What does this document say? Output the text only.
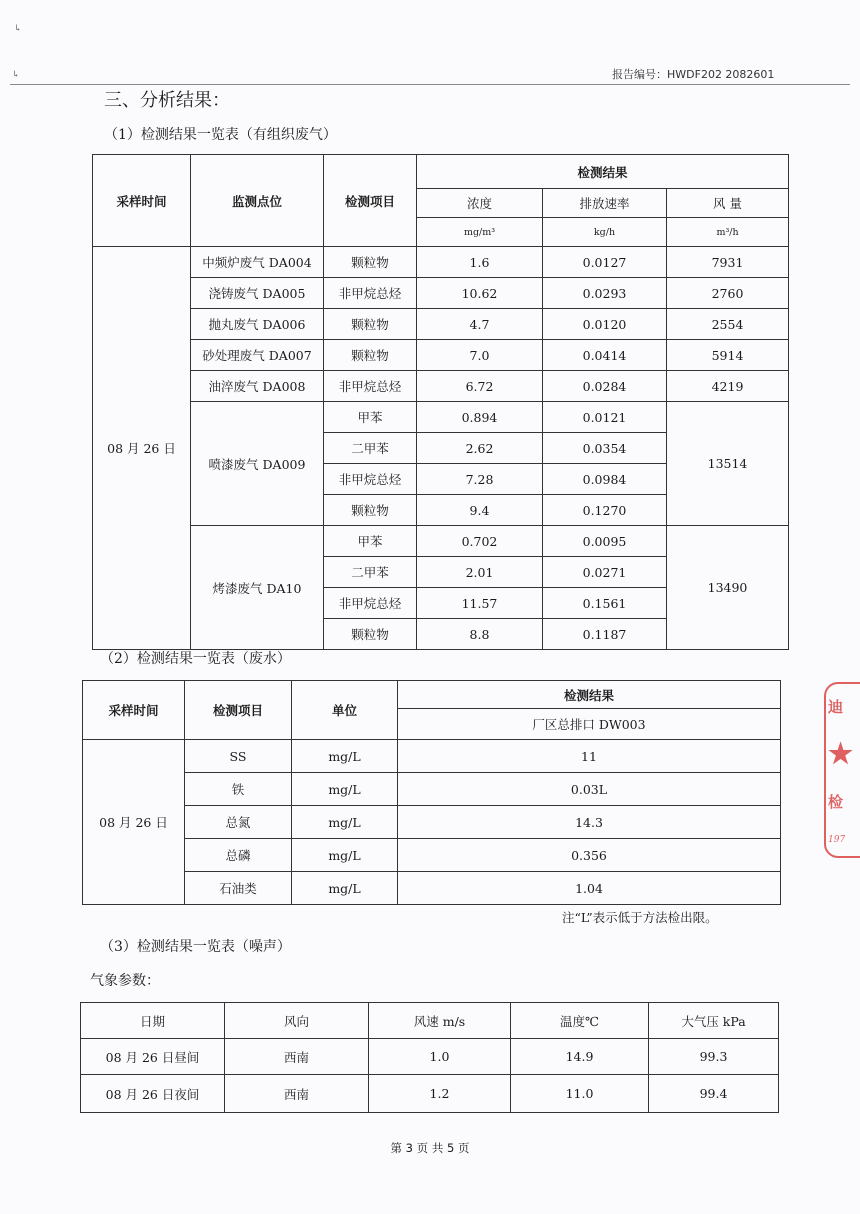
↳
↳	报告编号：HWDF202 2082601
三、分析结果：
（1）检测结果一览表（有组织废气）
采样时间	监测点位	检测项目	检测结果		
			浓度	排放速率	风 量
			mg/m³	kg/h	m³/h
08 月 26 日	中频炉废气 DA004	颗粒物	1.6	0.0127	7931
	浇铸废气 DA005	非甲烷总烃	10.62	0.0293	2760
	抛丸废气 DA006	颗粒物	4.7	0.0120	2554
	砂处理废气 DA007	颗粒物	7.0	0.0414	5914
	油淬废气 DA008	非甲烷总烃	6.72	0.0284	4219
	喷漆废气 DA009	甲苯	0.894	0.0121	13514
		二甲苯	2.62	0.0354	
		非甲烷总烃	7.28	0.0984	
		颗粒物	9.4	0.1270	
	烤漆废气 DA10	甲苯	0.702	0.0095	13490
		二甲苯	2.01	0.0271	
		非甲烷总烃	11.57	0.1561	
		颗粒物	8.8	0.1187	
（2）检测结果一览表（废水）
采样时间	检测项目	单位	检测结果
			厂区总排口 DW003
08 月 26 日	SS	mg/L	11
	铁	mg/L	0.03L
	总氮	mg/L	14.3
	总磷	mg/L	0.356
	石油类	mg/L	1.04
注“L”表示低于方法检出限。
（3）检测结果一览表（噪声）
气象参数：
日期	风向	风速 m/s	温度℃	大气压 kPa
08 月 26 日昼间	西南	1.0	14.9	99.3
08 月 26 日夜间	西南	1.2	11.0	99.4
第 3 页 共 5 页
迪
★
检
197
